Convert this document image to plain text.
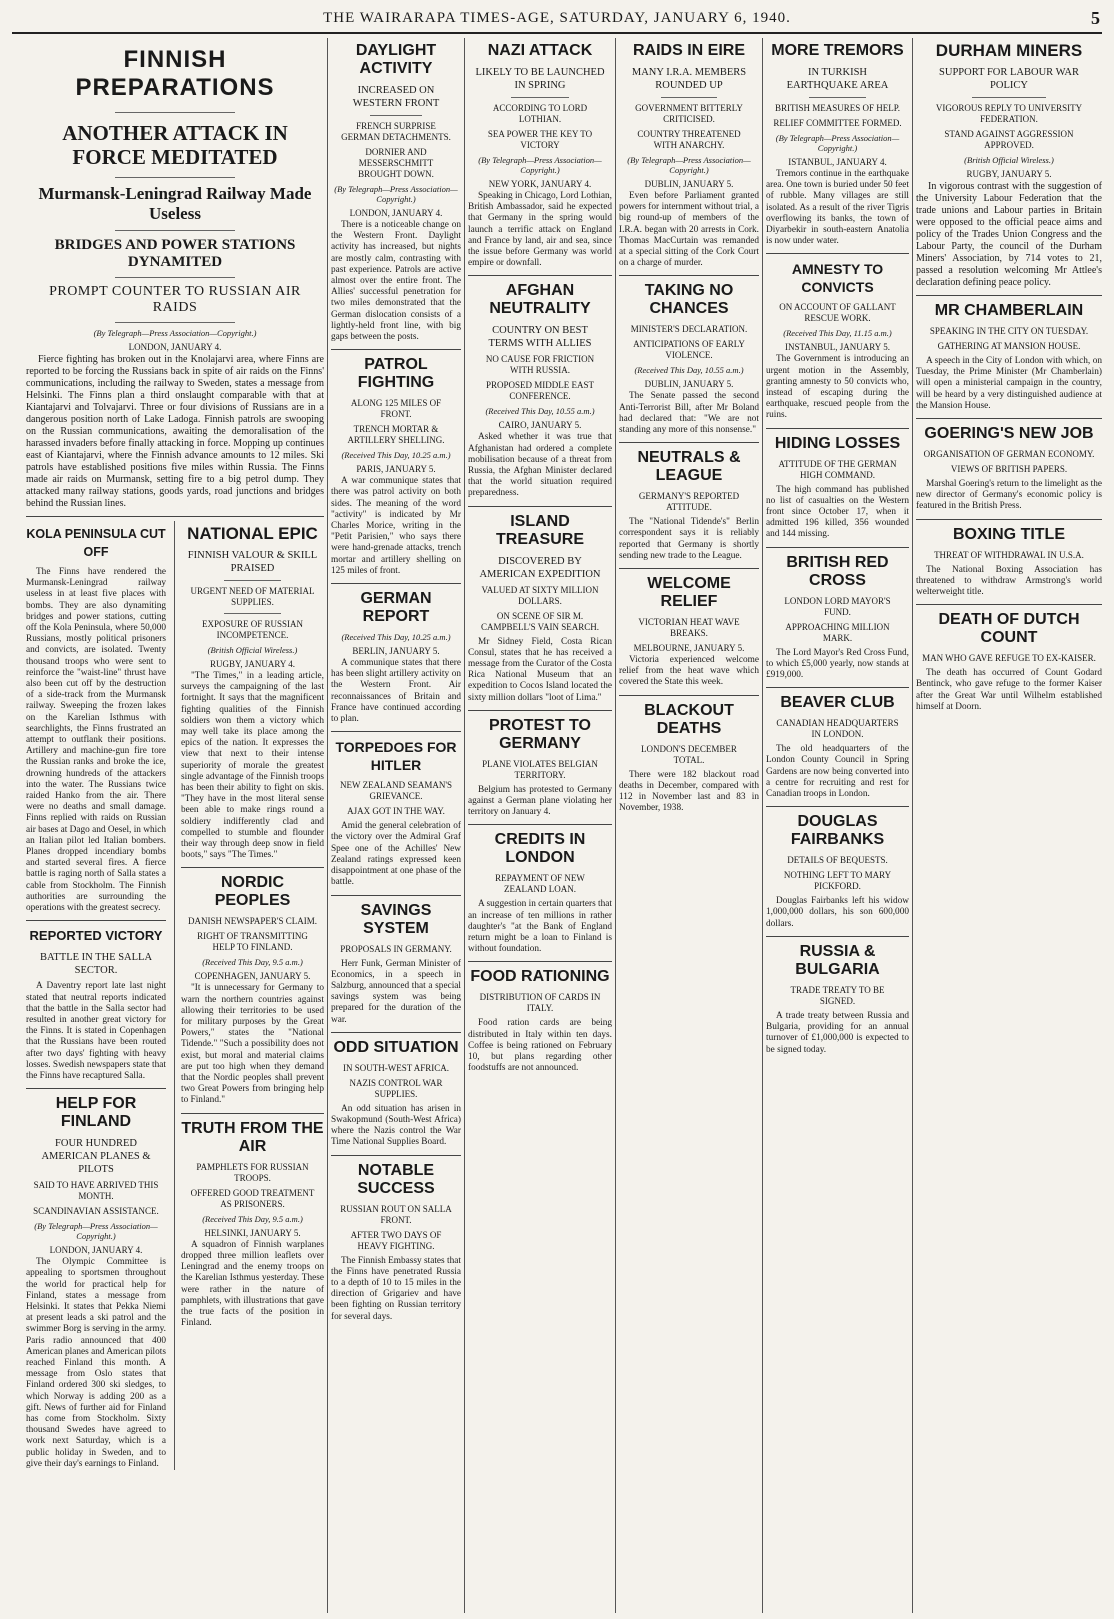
THE WAIRARAPA TIMES-AGE, SATURDAY, JANUARY 6, 1940.	5
FINNISH PREPARATIONS
ANOTHER ATTACK IN FORCE MEDITATED
Murmansk-Leningrad Railway Made Useless
BRIDGES AND POWER STATIONS DYNAMITED
PROMPT COUNTER TO RUSSIAN AIR RAIDS
(By Telegraph—Press Association—Copyright.)
LONDON, JANUARY 4.
Fierce fighting has broken out in the Knolajarvi area, where Finns are reported to be forcing the Russians back in spite of air raids on the Finns' communications, including the railway to Sweden, states a message from Helsinki. The Finns plan a third onslaught comparable with that at Kiantajarvi and Tolvajarvi. Three or four divisions of Russians are in a dangerous position north of Lake Ladoga. Finnish patrols are swooping on the Russian communications, awaiting the demoralisation of the harassed invaders before finally attacking in force. Mopping up continues east of Kiantajarvi, where the Finnish advance amounts to 12 miles. Ski patrols have established positions five miles within Russia. The Finns made air raids on Murmansk, setting fire to a big petrol dump. They attacked many railway stations, goods yards, road junctions and bridges behind the Russian lines.
KOLA PENINSULA CUT OFF
The Finns have rendered the Murmansk-Leningrad railway useless in at least five places with bombs. They are also dynamiting bridges and power stations, cutting off the Kola Peninsula, where 50,000 Russians, mostly political prisoners and convicts, are isolated. Twenty thousand troops who were sent to reinforce the "waist-line" thrust have also been cut off by the destruction of a side-track from the Murmansk railway. Sweeping the frozen lakes on the Karelian Isthmus with searchlights, the Finns frustrated an attempt to outflank their positions. Artillery and machine-gun fire tore the Russian ranks and broke the ice, drowning hundreds of the attackers into the water. The Russians twice raided Hanko from the air. There were no deaths and small damage. Finns replied with raids on Russian air bases at Dago and Oesel, in which an Italian pilot led Italian bombers. Planes dropped incendiary bombs and started several fires. A fierce battle is raging north of Salla states a cable from Stockholm. The Finnish authorities are surrounding the operations with the greatest secrecy.
REPORTED VICTORY
BATTLE IN THE SALLA SECTOR.
A Daventry report late last night stated that neutral reports indicated that the battle in the Salla sector had resulted in another great victory for the Finns. It is stated in Copenhagen that the Russians have been routed after two days' fighting with heavy losses. Swedish newspapers state that the Finns have recaptured Salla.
HELP FOR FINLAND
FOUR HUNDRED AMERICAN PLANES & PILOTS
SAID TO HAVE ARRIVED THIS MONTH.
SCANDINAVIAN ASSISTANCE.
(By Telegraph—Press Association—Copyright.)
LONDON, JANUARY 4.
The Olympic Committee is appealing to sportsmen throughout the world for practical help for Finland, states a message from Helsinki. It states that Pekka Niemi at present leads a ski patrol and the swimmer Borg is serving in the army. Paris radio announced that 400 American planes and American pilots reached Finland this month. A message from Oslo states that Finland ordered 300 ski sledges, to which Norway is adding 200 as a gift. News of further aid for Finland has come from Stockholm. Sixty thousand Swedes have agreed to work next Saturday, which is a public holiday in Sweden, and to give their day's earnings to Finland.
NATIONAL EPIC
FINNISH VALOUR & SKILL PRAISED
URGENT NEED OF MATERIAL SUPPLIES.
EXPOSURE OF RUSSIAN INCOMPETENCE.
(British Official Wireless.)
RUGBY, JANUARY 4.
"The Times," in a leading article, surveys the campaigning of the last fortnight. It says that the magnificent fighting qualities of the Finnish soldiers won them a victory which may well take its place among the epics of the nation. It expresses the view that next to their intense superiority of morale the greatest single advantage of the Finnish troops has been their ability to fight on skis. "They have in the most literal sense been able to make rings round a soldiery indifferently clad and compelled to stumble and flounder their way through deep snow in field boots," says "The Times."
NORDIC PEOPLES
DANISH NEWSPAPER'S CLAIM.
RIGHT OF TRANSMITTING HELP TO FINLAND.
(Received This Day, 9.5 a.m.)
COPENHAGEN, JANUARY 5.
"It is unnecessary for Germany to warn the northern countries against allowing their territories to be used for military purposes by the Great Powers," states the "National Tidende." "Such a possibility does not exist, but moral and material claims are put too high when they demand that the Nordic peoples shall prevent two Great Powers from bringing help to Finland."
TRUTH FROM THE AIR
PAMPHLETS FOR RUSSIAN TROOPS.
OFFERED GOOD TREATMENT AS PRISONERS.
(Received This Day, 9.5 a.m.)
HELSINKI, JANUARY 5.
A squadron of Finnish warplanes dropped three million leaflets over Leningrad and the enemy troops on the Karelian Isthmus yesterday. These were rather in the nature of pamphlets, with illustrations that gave the true facts of the position in Finland.
DAYLIGHT ACTIVITY
INCREASED ON WESTERN FRONT
FRENCH SURPRISE GERMAN DETACHMENTS.
DORNIER AND MESSERSCHMITT BROUGHT DOWN.
(By Telegraph—Press Association—Copyright.)
LONDON, JANUARY 4.
There is a noticeable change on the Western Front. Daylight activity has increased, but nights are mostly calm, contrasting with past experience. Patrols are active almost over the entire front. The Allies' successful penetration for two miles demonstrated that the German dislocation consists of a lightly-held front line, with big gaps between the posts.
PATROL FIGHTING
ALONG 125 MILES OF FRONT.
TRENCH MORTAR & ARTILLERY SHELLING.
(Received This Day, 10.25 a.m.)
PARIS, JANUARY 5.
A war communique states that there was patrol activity on both sides. The meaning of the word "activity" is indicated by Mr Charles Morice, writing in the "Petit Parisien," who says there were hand-grenade attacks, trench mortar and artillery shelling on 125 miles of front.
GERMAN REPORT
(Received This Day, 10.25 a.m.)
BERLIN, JANUARY 5.
A communique states that there has been slight artillery activity on the Western Front. Air reconnaissances of Britain and France have continued according to plan.
TORPEDOES FOR HITLER
NEW ZEALAND SEAMAN'S GRIEVANCE.
AJAX GOT IN THE WAY.
Amid the general celebration of the victory over the Admiral Graf Spee one of the Achilles' New Zealand ratings expressed keen disappointment at one phase of the battle.
SAVINGS SYSTEM
PROPOSALS IN GERMANY.
Herr Funk, German Minister of Economics, in a speech in Salzburg, announced that a special savings system was being prepared for the duration of the war.
ODD SITUATION
IN SOUTH-WEST AFRICA.
NAZIS CONTROL WAR SUPPLIES.
An odd situation has arisen in Swakopmund (South-West Africa) where the Nazis control the War Time National Supplies Board.
NOTABLE SUCCESS
RUSSIAN ROUT ON SALLA FRONT.
AFTER TWO DAYS OF HEAVY FIGHTING.
The Finnish Embassy states that the Finns have penetrated Russia to a depth of 10 to 15 miles in the direction of Grigariev and have been fighting on Russian territory for several days.
NAZI ATTACK
LIKELY TO BE LAUNCHED IN SPRING
ACCORDING TO LORD LOTHIAN.
SEA POWER THE KEY TO VICTORY
(By Telegraph—Press Association—Copyright.)
NEW YORK, JANUARY 4.
Speaking in Chicago, Lord Lothian, British Ambassador, said he expected that Germany in the spring would launch a terrific attack on England and France by land, air and sea, since the issue before Germany was world empire or downfall.
AFGHAN NEUTRALITY
COUNTRY ON BEST TERMS WITH ALLIES
NO CAUSE FOR FRICTION WITH RUSSIA.
PROPOSED MIDDLE EAST CONFERENCE.
(Received This Day, 10.55 a.m.)
CAIRO, JANUARY 5.
Asked whether it was true that Afghanistan had ordered a complete mobilisation because of a threat from Russia, the Afghan Minister declared that the world situation required preparedness.
ISLAND TREASURE
DISCOVERED BY AMERICAN EXPEDITION
VALUED AT SIXTY MILLION DOLLARS.
ON SCENE OF SIR M. CAMPBELL'S VAIN SEARCH.
Mr Sidney Field, Costa Rican Consul, states that he has received a message from the Curator of the Costa Rica National Museum that an expedition to Cocos Island located the sixty million dollars "loot of Lima."
PROTEST TO GERMANY
PLANE VIOLATES BELGIAN TERRITORY.
Belgium has protested to Germany against a German plane violating her territory on January 4.
CREDITS IN LONDON
REPAYMENT OF NEW ZEALAND LOAN.
A suggestion in certain quarters that an increase of ten millions in rather daughter's "at the Bank of England return might be a loan to Finland is without foundation.
FOOD RATIONING
DISTRIBUTION OF CARDS IN ITALY.
Food ration cards are being distributed in Italy within ten days. Coffee is being rationed on February 10, but plans regarding other foodstuffs are not announced.
RAIDS IN EIRE
MANY I.R.A. MEMBERS ROUNDED UP
GOVERNMENT BITTERLY CRITICISED.
COUNTRY THREATENED WITH ANARCHY.
(By Telegraph—Press Association—Copyright.)
DUBLIN, JANUARY 5.
Even before Parliament granted powers for internment without trial, a big round-up of members of the I.R.A. began with 20 arrests in Cork. Thomas MacCurtain was remanded at a special sitting of the Cork Court on a charge of murder.
TAKING NO CHANCES
MINISTER'S DECLARATION.
ANTICIPATIONS OF EARLY VIOLENCE.
(Received This Day, 10.55 a.m.)
DUBLIN, JANUARY 5.
The Senate passed the second Anti-Terrorist Bill, after Mr Boland had declared that: "We are not standing any more of this nonsense."
NEUTRALS & LEAGUE
GERMANY'S REPORTED ATTITUDE.
The "National Tidende's" Berlin correspondent says it is reliably reported that Germany is shortly sending new trade to the League.
WELCOME RELIEF
VICTORIAN HEAT WAVE BREAKS.
MELBOURNE, JANUARY 5.
Victoria experienced welcome relief from the heat wave which covered the State this week.
BLACKOUT DEATHS
LONDON'S DECEMBER TOTAL.
There were 182 blackout road deaths in December, compared with 112 in November last and 83 in November, 1938.
MORE TREMORS
IN TURKISH EARTHQUAKE AREA
BRITISH MEASURES OF HELP.
RELIEF COMMITTEE FORMED.
(By Telegraph—Press Association—Copyright.)
ISTANBUL, JANUARY 4.
Tremors continue in the earthquake area. One town is buried under 50 feet of rubble. Many villages are still isolated. As a result of the river Tigris overflowing its banks, the town of Diyarbekir in south-eastern Anatolia is now under water.
AMNESTY TO CONVICTS
ON ACCOUNT OF GALLANT RESCUE WORK.
(Received This Day, 11.15 a.m.)
INSTANBUL, JANUARY 5.
The Government is introducing an urgent motion in the Assembly, granting amnesty to 50 convicts who, instead of escaping during the earthquake, rescued people from the ruins.
HIDING LOSSES
ATTITUDE OF THE GERMAN HIGH COMMAND.
The high command has published no list of casualties on the Western front since October 17, when it admitted 196 killed, 356 wounded and 144 missing.
BRITISH RED CROSS
LONDON LORD MAYOR'S FUND.
APPROACHING MILLION MARK.
The Lord Mayor's Red Cross Fund, to which £5,000 yearly, now stands at £919,000.
BEAVER CLUB
CANADIAN HEADQUARTERS IN LONDON.
The old headquarters of the London County Council in Spring Gardens are now being converted into a centre for recruiting and rest for Canadian troops in London.
DOUGLAS FAIRBANKS
DETAILS OF BEQUESTS.
NOTHING LEFT TO MARY PICKFORD.
Douglas Fairbanks left his widow 1,000,000 dollars, his son 600,000 dollars.
RUSSIA & BULGARIA
TRADE TREATY TO BE SIGNED.
A trade treaty between Russia and Bulgaria, providing for an annual turnover of £1,000,000 is expected to be signed today.
DURHAM MINERS
SUPPORT FOR LABOUR WAR POLICY
VIGOROUS REPLY TO UNIVERSITY FEDERATION.
STAND AGAINST AGGRESSION APPROVED.
(British Official Wireless.)
RUGBY, JANUARY 5.
In vigorous contrast with the suggestion of the University Labour Federation that the trade unions and Labour parties in Britain were opposed to the official peace aims and policy of the Trades Union Congress and the Labour Party, the council of the Durham Miners' Association, by 714 votes to 21, passed a resolution welcoming Mr Attlee's declaration defining peace policy.
MR CHAMBERLAIN
SPEAKING IN THE CITY ON TUESDAY.
GATHERING AT MANSION HOUSE.
A speech in the City of London with which, on Tuesday, the Prime Minister (Mr Chamberlain) will open a ministerial campaign in the country, will be heard by a very distinguished audience at the Mansion House.
GOERING'S NEW JOB
ORGANISATION OF GERMAN ECONOMY.
VIEWS OF BRITISH PAPERS.
Marshal Goering's return to the limelight as the new director of Germany's economic policy is featured in the British Press.
BOXING TITLE
THREAT OF WITHDRAWAL IN U.S.A.
The National Boxing Association has threatened to withdraw Armstrong's world welterweight title.
DEATH OF DUTCH COUNT
MAN WHO GAVE REFUGE TO EX-KAISER.
The death has occurred of Count Godard Bentinck, who gave refuge to the former Kaiser after the Great War until Wilhelm established himself at Doorn.
